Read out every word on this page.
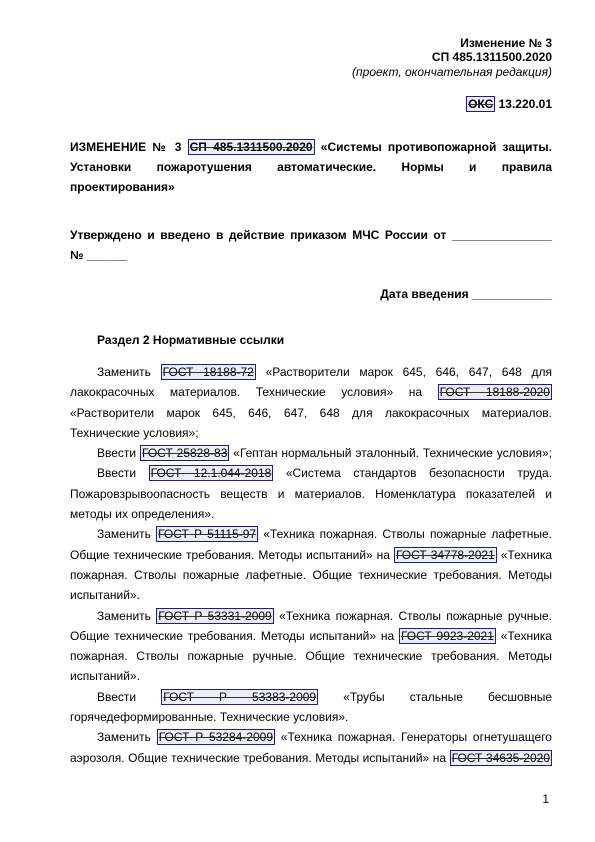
Изменение № 3
СП 485.1311500.2020
(проект, окончательная редакция)
ОКС 13.220.01
ИЗМЕНЕНИЕ № 3 СП 485.1311500.2020 «Системы противопожарной защиты.
Установки пожаротушения автоматические. Нормы и правила
проектирования»
Утверждено и введено в действие приказом МЧС России от _______________
№ ______
Дата введения ____________
Раздел 2 Нормативные ссылки
Заменить ГОСТ 18188-72 «Растворители марок 645, 646, 647, 648 для
лакокрасочных материалов. Технические условия» на ГОСТ 18188-2020
«Растворители марок 645, 646, 647, 648 для лакокрасочных материалов.
Технические условия»;
Ввести ГОСТ 25828-83 «Гептан нормальный эталонный. Технические условия»;
Ввести ГОСТ 12.1.044-2018 «Система стандартов безопасности труда.
Пожаровзрывоопасность веществ и материалов. Номенклатура показателей и
методы их определения».
Заменить ГОСТ Р 51115-97 «Техника пожарная. Стволы пожарные лафетные.
Общие технические требования. Методы испытаний» на ГОСТ 34778-2021 «Техника
пожарная. Стволы пожарные лафетные. Общие технические требования. Методы
испытаний».
Заменить ГОСТ Р 53331-2009 «Техника пожарная. Стволы пожарные ручные.
Общие технические требования. Методы испытаний» на ГОСТ 9923-2021 «Техника
пожарная. Стволы пожарные ручные. Общие технические требования. Методы
испытаний».
Ввести ГОСТ Р 53383-2009 «Трубы стальные бесшовные
горячедеформированные. Технические условия».
Заменить ГОСТ Р 53284-2009 «Техника пожарная. Генераторы огнетушащего
аэрозоля. Общие технические требования. Методы испытаний» на ГОСТ 34635-2020
1
